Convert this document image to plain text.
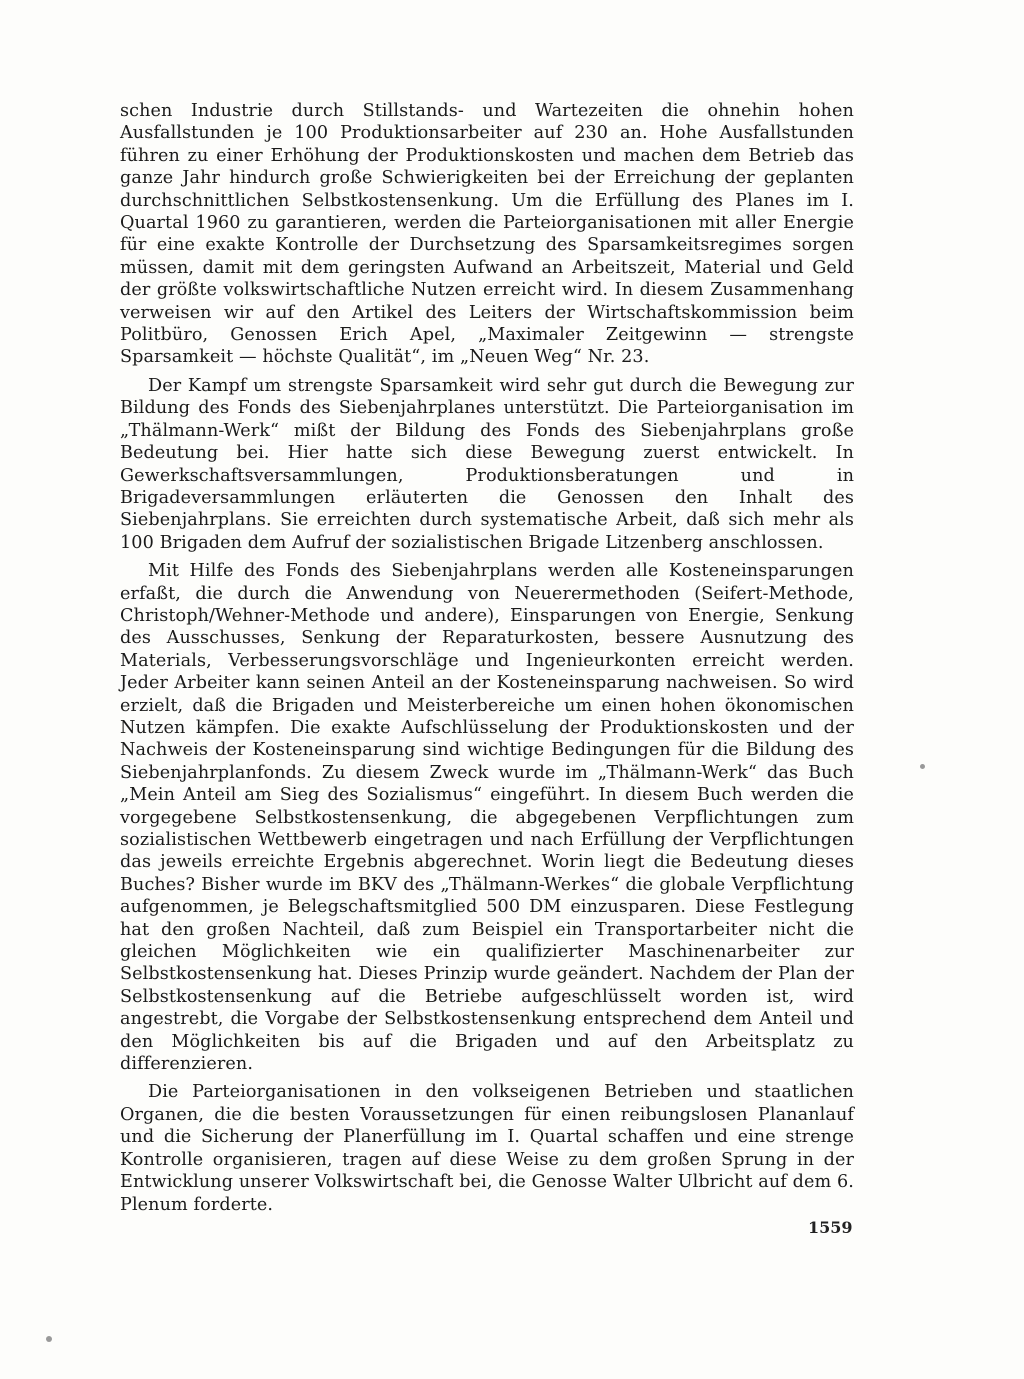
schen Industrie durch Stillstands- und Wartezeiten die ohnehin hohen Ausfallstunden je 100 Produktionsarbeiter auf 230 an. Hohe Ausfallstunden führen zu einer Erhöhung der Produktionskosten und machen dem Betrieb das ganze Jahr hindurch große Schwierigkeiten bei der Erreichung der geplanten durchschnittlichen Selbstkostensenkung. Um die Erfüllung des Planes im I. Quartal 1960 zu garantieren, werden die Parteiorganisationen mit aller Energie für eine exakte Kontrolle der Durchsetzung des Sparsamkeitsregimes sorgen müssen, damit mit dem geringsten Aufwand an Arbeitszeit, Material und Geld der größte volkswirtschaftliche Nutzen erreicht wird. In diesem Zusammenhang verweisen wir auf den Artikel des Leiters der Wirtschaftskommission beim Politbüro, Genossen Erich Apel, „Maximaler Zeitgewinn — strengste Sparsamkeit — höchste Qualität“, im „Neuen Weg“ Nr. 23.

Der Kampf um strengste Sparsamkeit wird sehr gut durch die Bewegung zur Bildung des Fonds des Siebenjahrplanes unterstützt. Die Parteiorganisation im „Thälmann-Werk“ mißt der Bildung des Fonds des Siebenjahrplans große Bedeutung bei. Hier hatte sich diese Bewegung zuerst entwickelt. In Gewerkschaftsversammlungen, Produktionsberatungen und in Brigadeversammlungen erläuterten die Genossen den Inhalt des Siebenjahrplans. Sie erreichten durch systematische Arbeit, daß sich mehr als 100 Brigaden dem Aufruf der sozialistischen Brigade Litzenberg anschlossen.

Mit Hilfe des Fonds des Siebenjahrplans werden alle Kosteneinsparungen erfaßt, die durch die Anwendung von Neuerermethoden (Seifert-Methode, Christoph/Wehner-Methode und andere), Einsparungen von Energie, Senkung des Ausschusses, Senkung der Reparaturkosten, bessere Ausnutzung des Materials, Verbesserungsvorschläge und Ingenieurkonten erreicht werden. Jeder Arbeiter kann seinen Anteil an der Kosteneinsparung nachweisen. So wird erzielt, daß die Brigaden und Meisterbereiche um einen hohen ökonomischen Nutzen kämpfen. Die exakte Aufschlüsselung der Produktionskosten und der Nachweis der Kosteneinsparung sind wichtige Bedingungen für die Bildung des Siebenjahrplanfonds. Zu diesem Zweck wurde im „Thälmann-Werk“ das Buch „Mein Anteil am Sieg des Sozialismus“ eingeführt. In diesem Buch werden die vorgegebene Selbstkostensenkung, die abgegebenen Verpflichtungen zum sozialistischen Wettbewerb eingetragen und nach Erfüllung der Verpflichtungen das jeweils erreichte Ergebnis abgerechnet. Worin liegt die Bedeutung dieses Buches? Bisher wurde im BKV des „Thälmann-Werkes“ die globale Verpflichtung aufgenommen, je Belegschaftsmitglied 500 DM einzusparen. Diese Festlegung hat den großen Nachteil, daß zum Beispiel ein Transportarbeiter nicht die gleichen Möglichkeiten wie ein qualifizierter Maschinenarbeiter zur Selbstkostensenkung hat. Dieses Prinzip wurde geändert. Nachdem der Plan der Selbstkostensenkung auf die Betriebe aufgeschlüsselt worden ist, wird angestrebt, die Vorgabe der Selbstkostensenkung entsprechend dem Anteil und den Möglichkeiten bis auf die Brigaden und auf den Arbeitsplatz zu differenzieren.

Die Parteiorganisationen in den volkseigenen Betrieben und staatlichen Organen, die die besten Voraussetzungen für einen reibungslosen Plananlauf und die Sicherung der Planerfüllung im I. Quartal schaffen und eine strenge Kontrolle organisieren, tragen auf diese Weise zu dem großen Sprung in der Entwicklung unserer Volkswirtschaft bei, die Genosse Walter Ulbricht auf dem 6. Plenum forderte.

1559
